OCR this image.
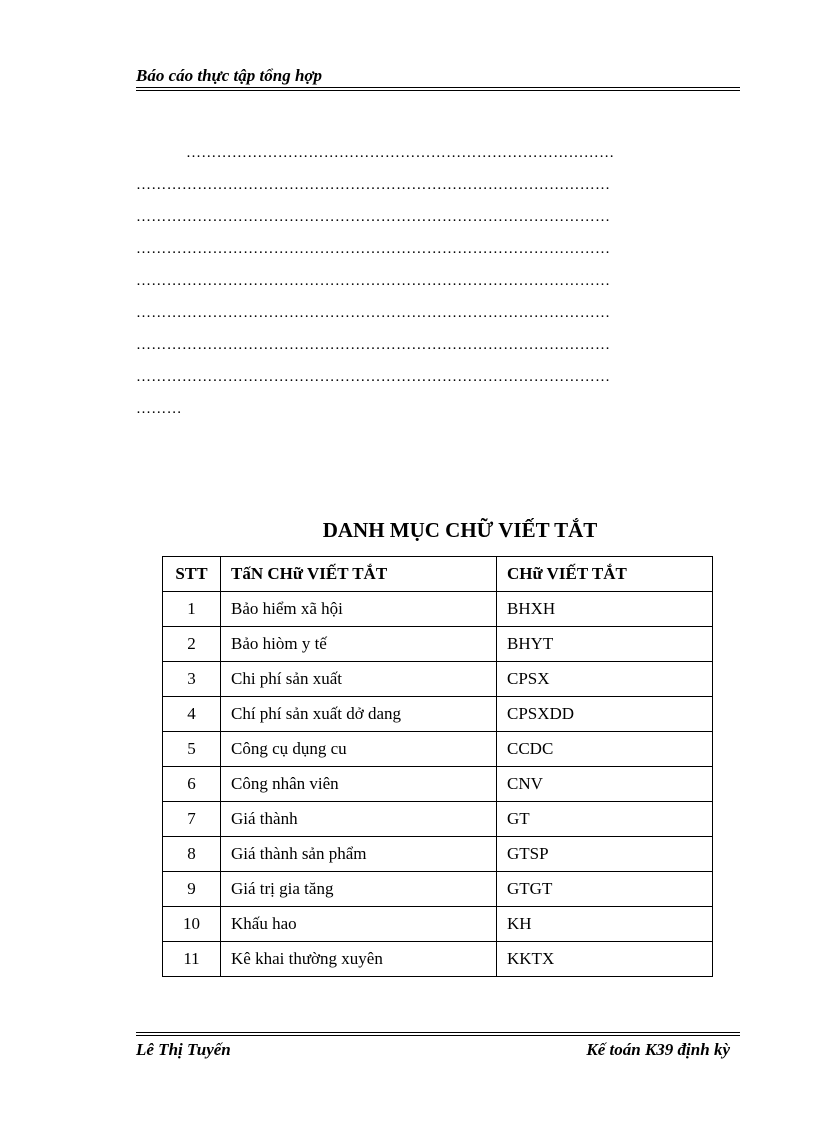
Báo cáo thực tập tổng hợp
…………………………………………………………………………
…………………………………………………………………………………
…………………………………………………………………………………
…………………………………………………………………………………
…………………………………………………………………………………
…………………………………………………………………………………
…………………………………………………………………………………
…………………………………………………………………………………
………
DANH MỤC CHỮ VIẾT TẮT
STT	TấN CHữ VIẾT TẮT	CHữ VIẾT TẮT
1	Bảo hiểm xã hội	BHXH
2	Bảo hiòm y tế	BHYT
3	Chi phí sản xuất	CPSX
4	Chí phí sản xuất dở dang	CPSXDD
5	Công cụ dụng cu	CCDC
6	Công nhân viên	CNV
7	Giá thành	GT
8	Giá thành sản phẩm	GTSP
9	Giá trị gia tăng	GTGT
10	Khấu hao	KH
11	Kê khai thường xuyên	KKTX
Lê Thị Tuyến	Kế toán K39 định kỳ
